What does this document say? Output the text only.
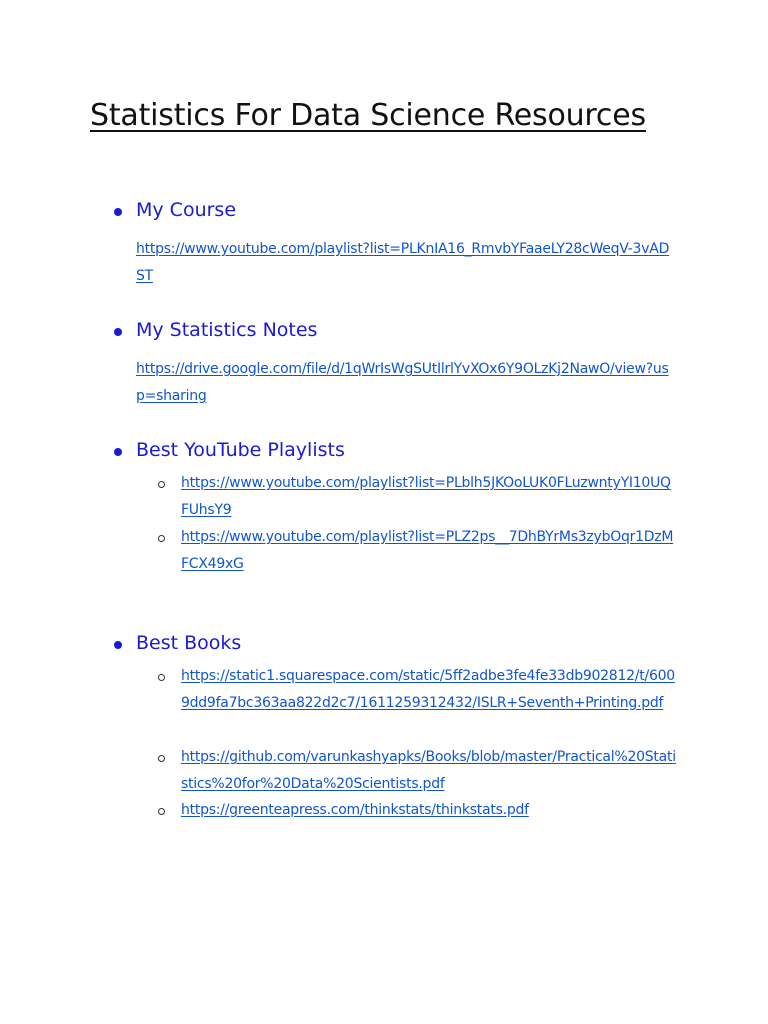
Statistics For Data Science Resources
My Course
https://www.youtube.com/playlist?list=PLKnIA16_RmvbYFaaeLY28cWeqV-3vADST
My Statistics Notes
https://drive.google.com/file/d/1qWrIsWgSUtIlrlYvXOx6Y9OLzKj2NawO/view?usp=sharing
Best YouTube Playlists
https://www.youtube.com/playlist?list=PLblh5JKOoLUK0FLuzwntyYI10UQFUhsY9
https://www.youtube.com/playlist?list=PLZ2ps__7DhBYrMs3zybOqr1DzMFCX49xG
Best Books
https://static1.squarespace.com/static/5ff2adbe3fe4fe33db902812/t/6009dd9fa7bc363aa822d2c7/1611259312432/ISLR+Seventh+Printing.pdf
https://github.com/varunkashyapks/Books/blob/master/Practical%20Statistics%20for%20Data%20Scientists.pdf
https://greenteapress.com/thinkstats/thinkstats.pdf
